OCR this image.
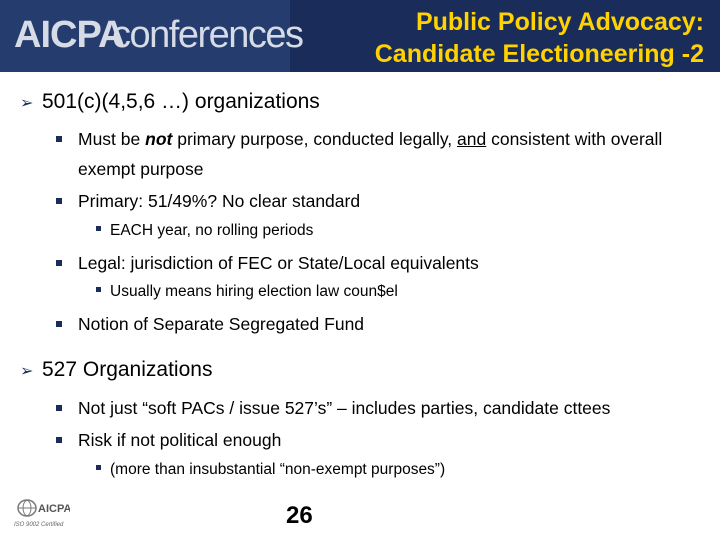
AICPA
conferences	Public Policy Advocacy:
Candidate Electioneering -2
➢ 501(c)(4,5,6 …) organizations
Must be not primary purpose, conducted legally, and consistent with overall exempt purpose
Primary: 51/49%? No clear standard
EACH year, no rolling periods
Legal: jurisdiction of FEC or State/Local equivalents
Usually means hiring election law coun$el
Notion of Separate Segregated Fund
➢ 527 Organizations
Not just “soft PACs / issue 527’s” – includes parties, candidate cttees
Risk if not political enough
(more than insubstantial “non-exempt purposes”)
AICPA
ISO 9002 Certified	26
